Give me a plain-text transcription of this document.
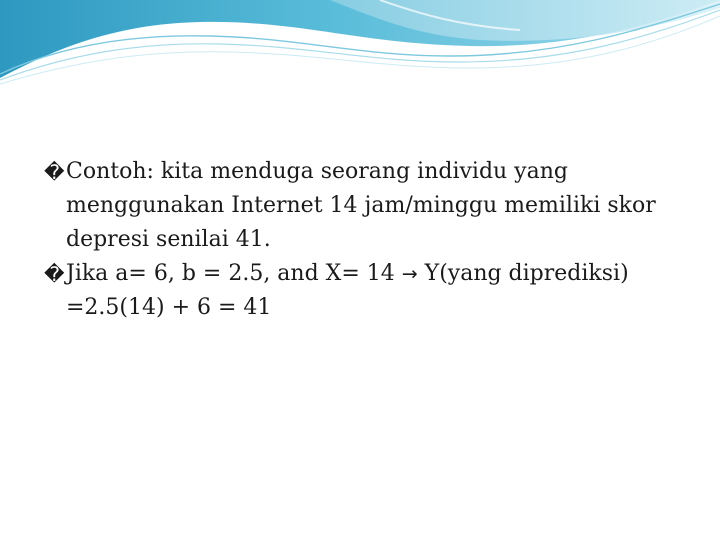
� Contoh: kita menduga seorang individu yang
menggunakan Internet 14 jam/minggu memiliki skor
depresi senilai 41.
� Jika a= 6, b = 2.5, and X= 14 → Y(yang diprediksi)
=2.5(14) + 6 = 41
